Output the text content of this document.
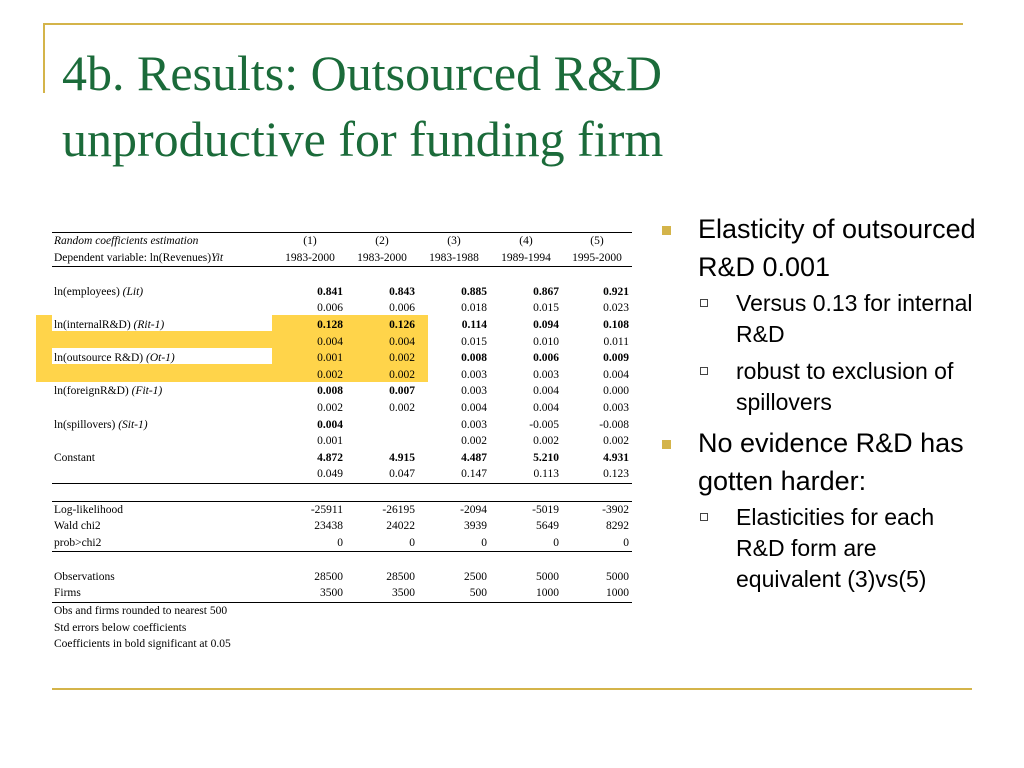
4b. Results: Outsourced R&D
unproductive for funding firm
Random coefficients estimation	(1)	(2)	(3)	(4)	(5)
Dependent variable: ln(Revenues)Yit	1983-2000	1983-2000	1983-1988	1989-1994	1995-2000

ln(employees) (Lit)	0.841	0.843	0.885	0.867	0.921
	0.006	0.006	0.018	0.015	0.023
ln(internalR&D) (Rit-1)	0.128	0.126	0.114	0.094	0.108
	0.004	0.004	0.015	0.010	0.011
ln(outsource R&D) (Ot-1)	0.001	0.002	0.008	0.006	0.009
	0.002	0.002	0.003	0.003	0.004
ln(foreignR&D) (Fit-1)	0.008	0.007	0.003	0.004	0.000
	0.002	0.002	0.004	0.004	0.003
ln(spillovers) (Sit-1)	0.004		0.003	-0.005	-0.008
	0.001		0.002	0.002	0.002
Constant	4.872	4.915	4.487	5.210	4.931
	0.049	0.047	0.147	0.113	0.123

Log-likelihood	-25911	-26195	-2094	-5019	-3902
Wald chi2	23438	24022	3939	5649	8292
prob>chi2	0	0	0	0	0

Observations	28500	28500	2500	5000	5000
Firms	3500	3500	500	1000	1000
Obs and firms rounded to nearest 500					
Std errors below coefficients					
Coefficients in bold significant at 0.05					
Elasticity of outsourced R&D 0.001
Versus 0.13 for internal R&D
robust to exclusion of spillovers
No evidence R&D has gotten harder:
Elasticities for each R&D form are equivalent (3)vs(5)
